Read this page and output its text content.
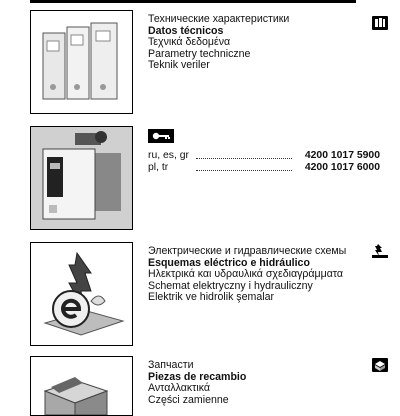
Технические характеристики
Datos técnicos
Τεχνικά δεδομένα
Parametry techniczne
Teknik veriler
ru, es, gr	4200 1017 5900
pl, tr	4200 1017 6000
Электрические и гидравлические схемы
Esquemas eléctrico e hidráulico
Ηλεκτρικά και υδραυλικά σχεδιαγράμματα
Schemat elektryczny i hydrauliczny
Elektrik ve hidrolik şemalar
Запчасти
Piezas de recambio
Ανταλλακτικά
Części zamienne
